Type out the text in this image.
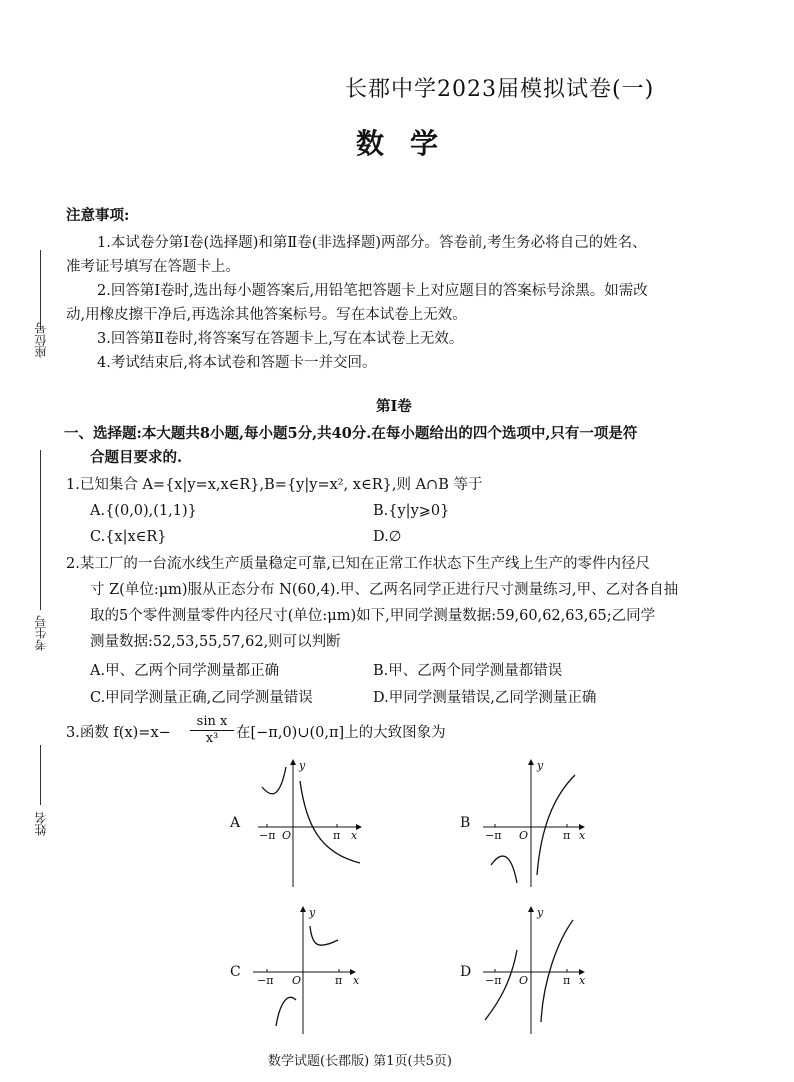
长郡中学2023届模拟试卷(一)
数学
座位号
考生号
姓名
注意事项:
1.本试卷分第Ⅰ卷(选择题)和第Ⅱ卷(非选择题)两部分。答卷前,考生务必将自己的姓名、
准考证号填写在答题卡上。
2.回答第Ⅰ卷时,选出每小题答案后,用铅笔把答题卡上对应题目的答案标号涂黑。如需改
动,用橡皮擦干净后,再选涂其他答案标号。写在本试卷上无效。
3.回答第Ⅱ卷时,将答案写在答题卡上,写在本试卷上无效。
4.考试结束后,将本试卷和答题卡一并交回。
第Ⅰ卷
一、选择题:本大题共8小题,每小题5分,共40分.在每小题给出的四个选项中,只有一项是符
合题目要求的.
1.已知集合 A={x|y=x,x∈R},B={y|y=x², x∈R},则 A∩B 等于
A.{(0,0),(1,1)}	B.{y|y⩾0}
C.{x|x∈R}	D.∅
2.某工厂的一台流水线生产质量稳定可靠,已知在正常工作状态下生产线上生产的零件内径尺
寸 Z(单位:μm)服从正态分布 N(60,4).甲、乙两名同学正进行尺寸测量练习,甲、乙对各自抽
取的5个零件测量零件内径尺寸(单位:μm)如下,甲同学测量数据:59,60,62,63,65;乙同学
测量数据:52,53,55,57,62,则可以判断
A.甲、乙两个同学测量都正确	B.甲、乙两个同学测量都错误
C.甲同学测量正确,乙同学测量错误	D.甲同学测量错误,乙同学测量正确
3.函数 $f(x)=x- \frac{\text{sin x}}{\text{x³}}$ 在[−π,0)∪(0,π]上的大致图象为
A
−π O	π x
y
B
−π O	π x
y
C
−π O	π x
y
D
−π O	π x
y
数学试题(长郡版) 第1页(共5页)
